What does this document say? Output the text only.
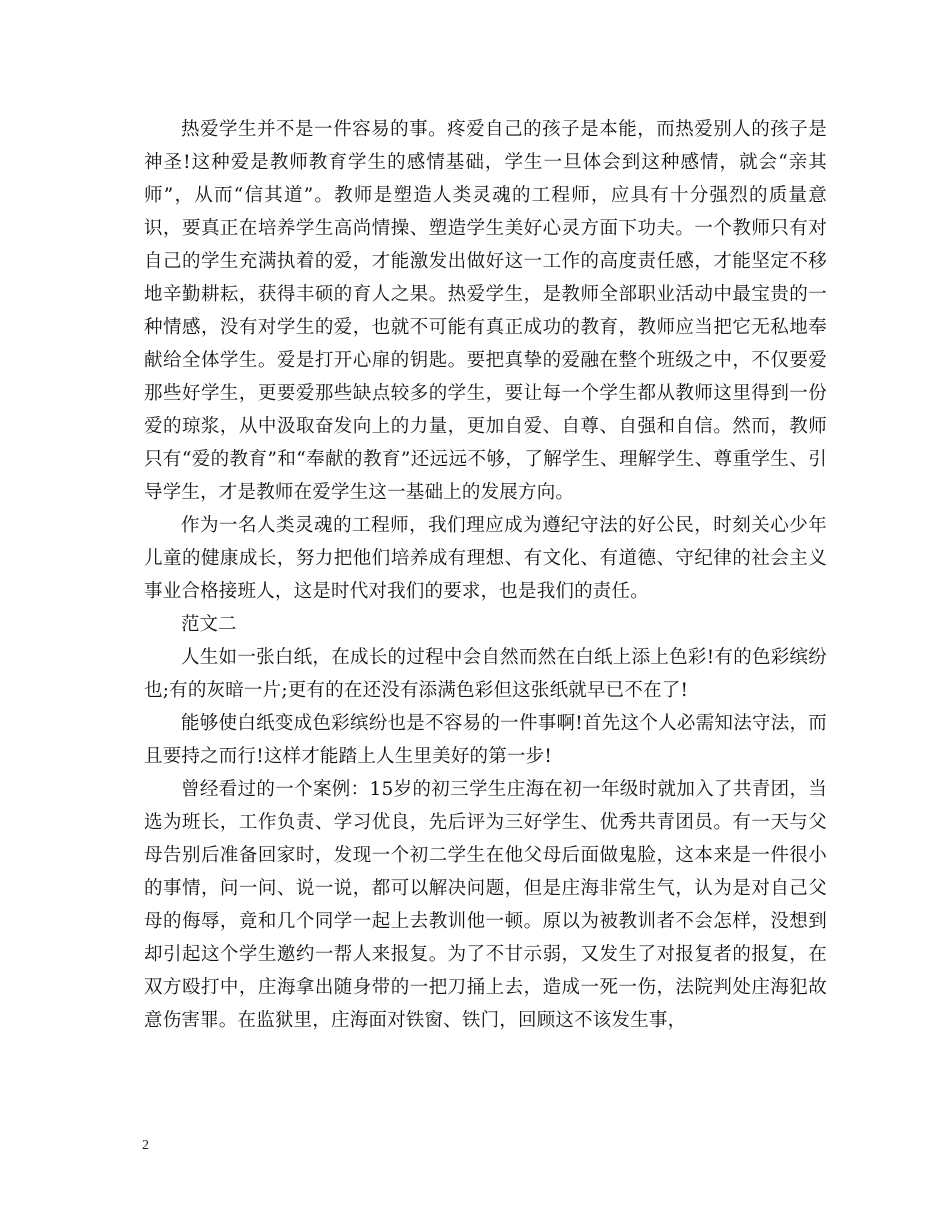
热爱学生并不是一件容易的事。疼爱自己的孩子是本能，而热爱别人的孩子是神圣!这种爱是教师教育学生的感情基础，学生一旦体会到这种感情，就会“亲其师”，从而“信其道”。教师是塑造人类灵魂的工程师，应具有十分强烈的质量意识，要真正在培养学生高尚情操、塑造学生美好心灵方面下功夫。一个教师只有对自己的学生充满执着的爱，才能激发出做好这一工作的高度责任感，才能坚定不移地辛勤耕耘，获得丰硕的育人之果。热爱学生，是教师全部职业活动中最宝贵的一种情感，没有对学生的爱，也就不可能有真正成功的教育，教师应当把它无私地奉献给全体学生。爱是打开心扉的钥匙。要把真挚的爱融在整个班级之中，不仅要爱那些好学生，更要爱那些缺点较多的学生，要让每一个学生都从教师这里得到一份爱的琼浆，从中汲取奋发向上的力量，更加自爱、自尊、自强和自信。然而，教师只有“爱的教育”和“奉献的教育”还远远不够，了解学生、理解学生、尊重学生、引导学生，才是教师在爱学生这一基础上的发展方向。

作为一名人类灵魂的工程师，我们理应成为遵纪守法的好公民，时刻关心少年儿童的健康成长，努力把他们培养成有理想、有文化、有道德、守纪律的社会主义事业合格接班人，这是时代对我们的要求，也是我们的责任。

范文二

人生如一张白纸，在成长的过程中会自然而然在白纸上添上色彩!有的色彩缤纷也;有的灰暗一片;更有的在还没有添满色彩但这张纸就早已不在了!

能够使白纸变成色彩缤纷也是不容易的一件事啊!首先这个人必需知法守法，而且要持之而行!这样才能踏上人生里美好的第一步!

曾经看过的一个案例：15岁的初三学生庄海在初一年级时就加入了共青团，当选为班长，工作负责、学习优良，先后评为三好学生、优秀共青团员。有一天与父母告别后准备回家时，发现一个初二学生在他父母后面做鬼脸，这本来是一件很小的事情，问一问、说一说，都可以解决问题，但是庄海非常生气，认为是对自己父母的侮辱，竟和几个同学一起上去教训他一顿。原以为被教训者不会怎样，没想到却引起这个学生邀约一帮人来报复。为了不甘示弱，又发生了对报复者的报复，在双方殴打中，庄海拿出随身带的一把刀捅上去，造成一死一伤，法院判处庄海犯故意伤害罪。在监狱里，庄海面对铁窗、铁门，回顾这不该发生事，

2
